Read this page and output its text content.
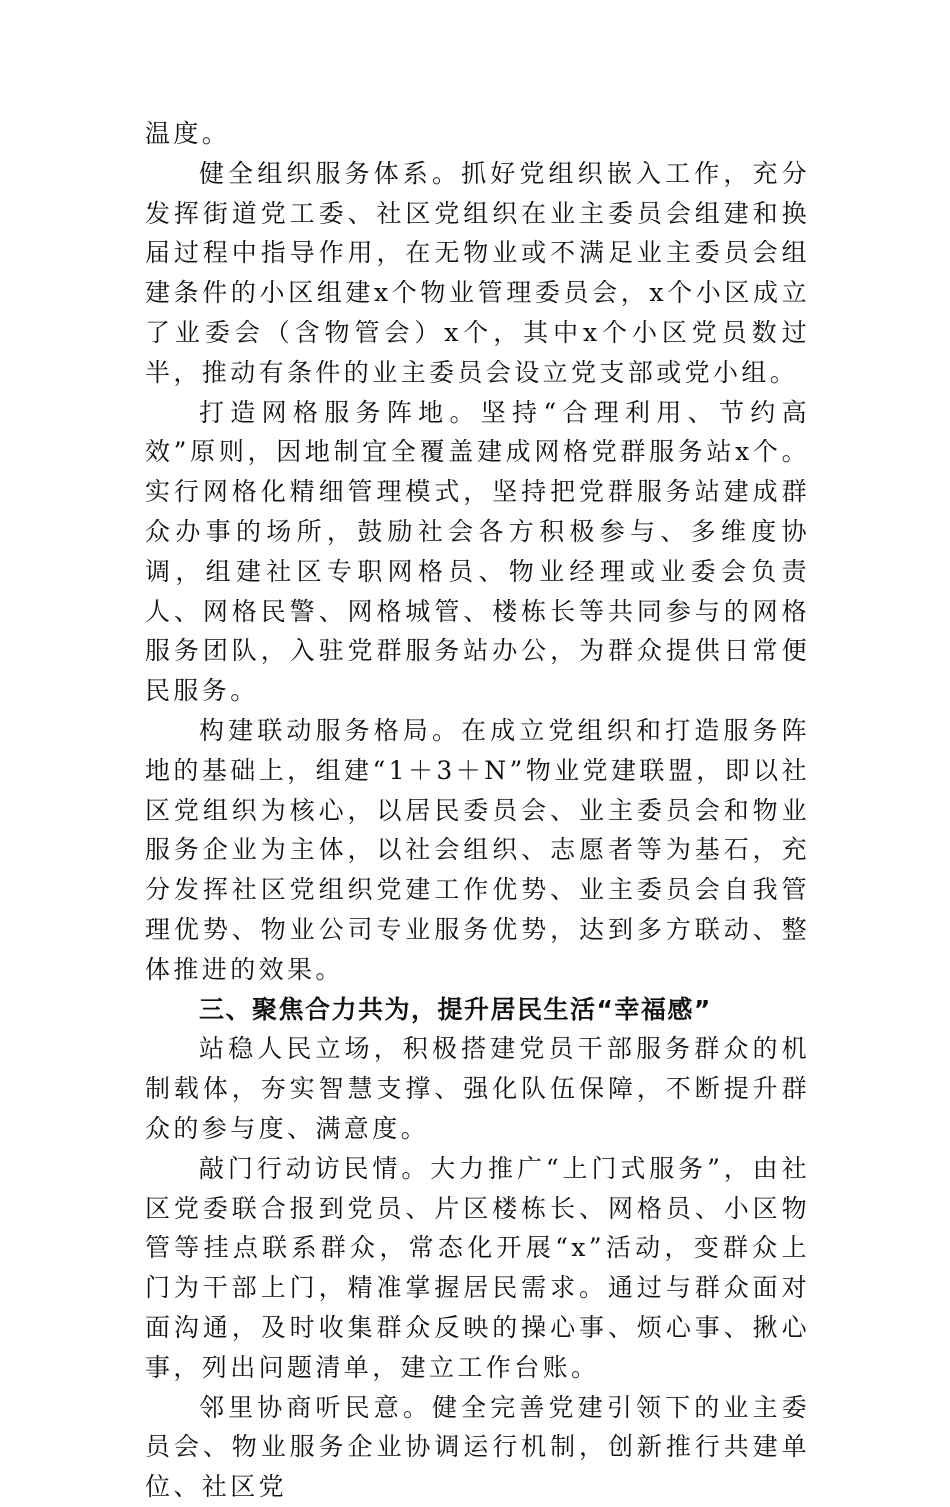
温度。

健全组织服务体系。抓好党组织嵌入工作，充分发挥街道党工委、社区党组织在业主委员会组建和换届过程中指导作用，在无物业或不满足业主委员会组建条件的小区组建x个物业管理委员会，x个小区成立了业委会（含物管会）x个，其中x个小区党员数过半，推动有条件的业主委员会设立党支部或党小组。

打造网格服务阵地。坚持“合理利用、节约高效”原则，因地制宜全覆盖建成网格党群服务站x个。实行网格化精细管理模式，坚持把党群服务站建成群众办事的场所，鼓励社会各方积极参与、多维度协调，组建社区专职网格员、物业经理或业委会负责人、网格民警、网格城管、楼栋长等共同参与的网格服务团队，入驻党群服务站办公，为群众提供日常便民服务。

构建联动服务格局。在成立党组织和打造服务阵地的基础上，组建“1＋3＋N”物业党建联盟，即以社区党组织为核心，以居民委员会、业主委员会和物业服务企业为主体，以社会组织、志愿者等为基石，充分发挥社区党组织党建工作优势、业主委员会自我管理优势、物业公司专业服务优势，达到多方联动、整体推进的效果。

三、聚焦合力共为，提升居民生活“幸福感”

站稳人民立场，积极搭建党员干部服务群众的机制载体，夯实智慧支撑、强化队伍保障，不断提升群众的参与度、满意度。

敲门行动访民情。大力推广“上门式服务”，由社区党委联合报到党员、片区楼栋长、网格员、小区物管等挂点联系群众，常态化开展“x”活动，变群众上门为干部上门，精准掌握居民需求。通过与群众面对面沟通，及时收集群众反映的操心事、烦心事、揪心事，列出问题清单，建立工作台账。

邻里协商听民意。健全完善党建引领下的业主委员会、物业服务企业协调运行机制，创新推行共建单位、社区党
